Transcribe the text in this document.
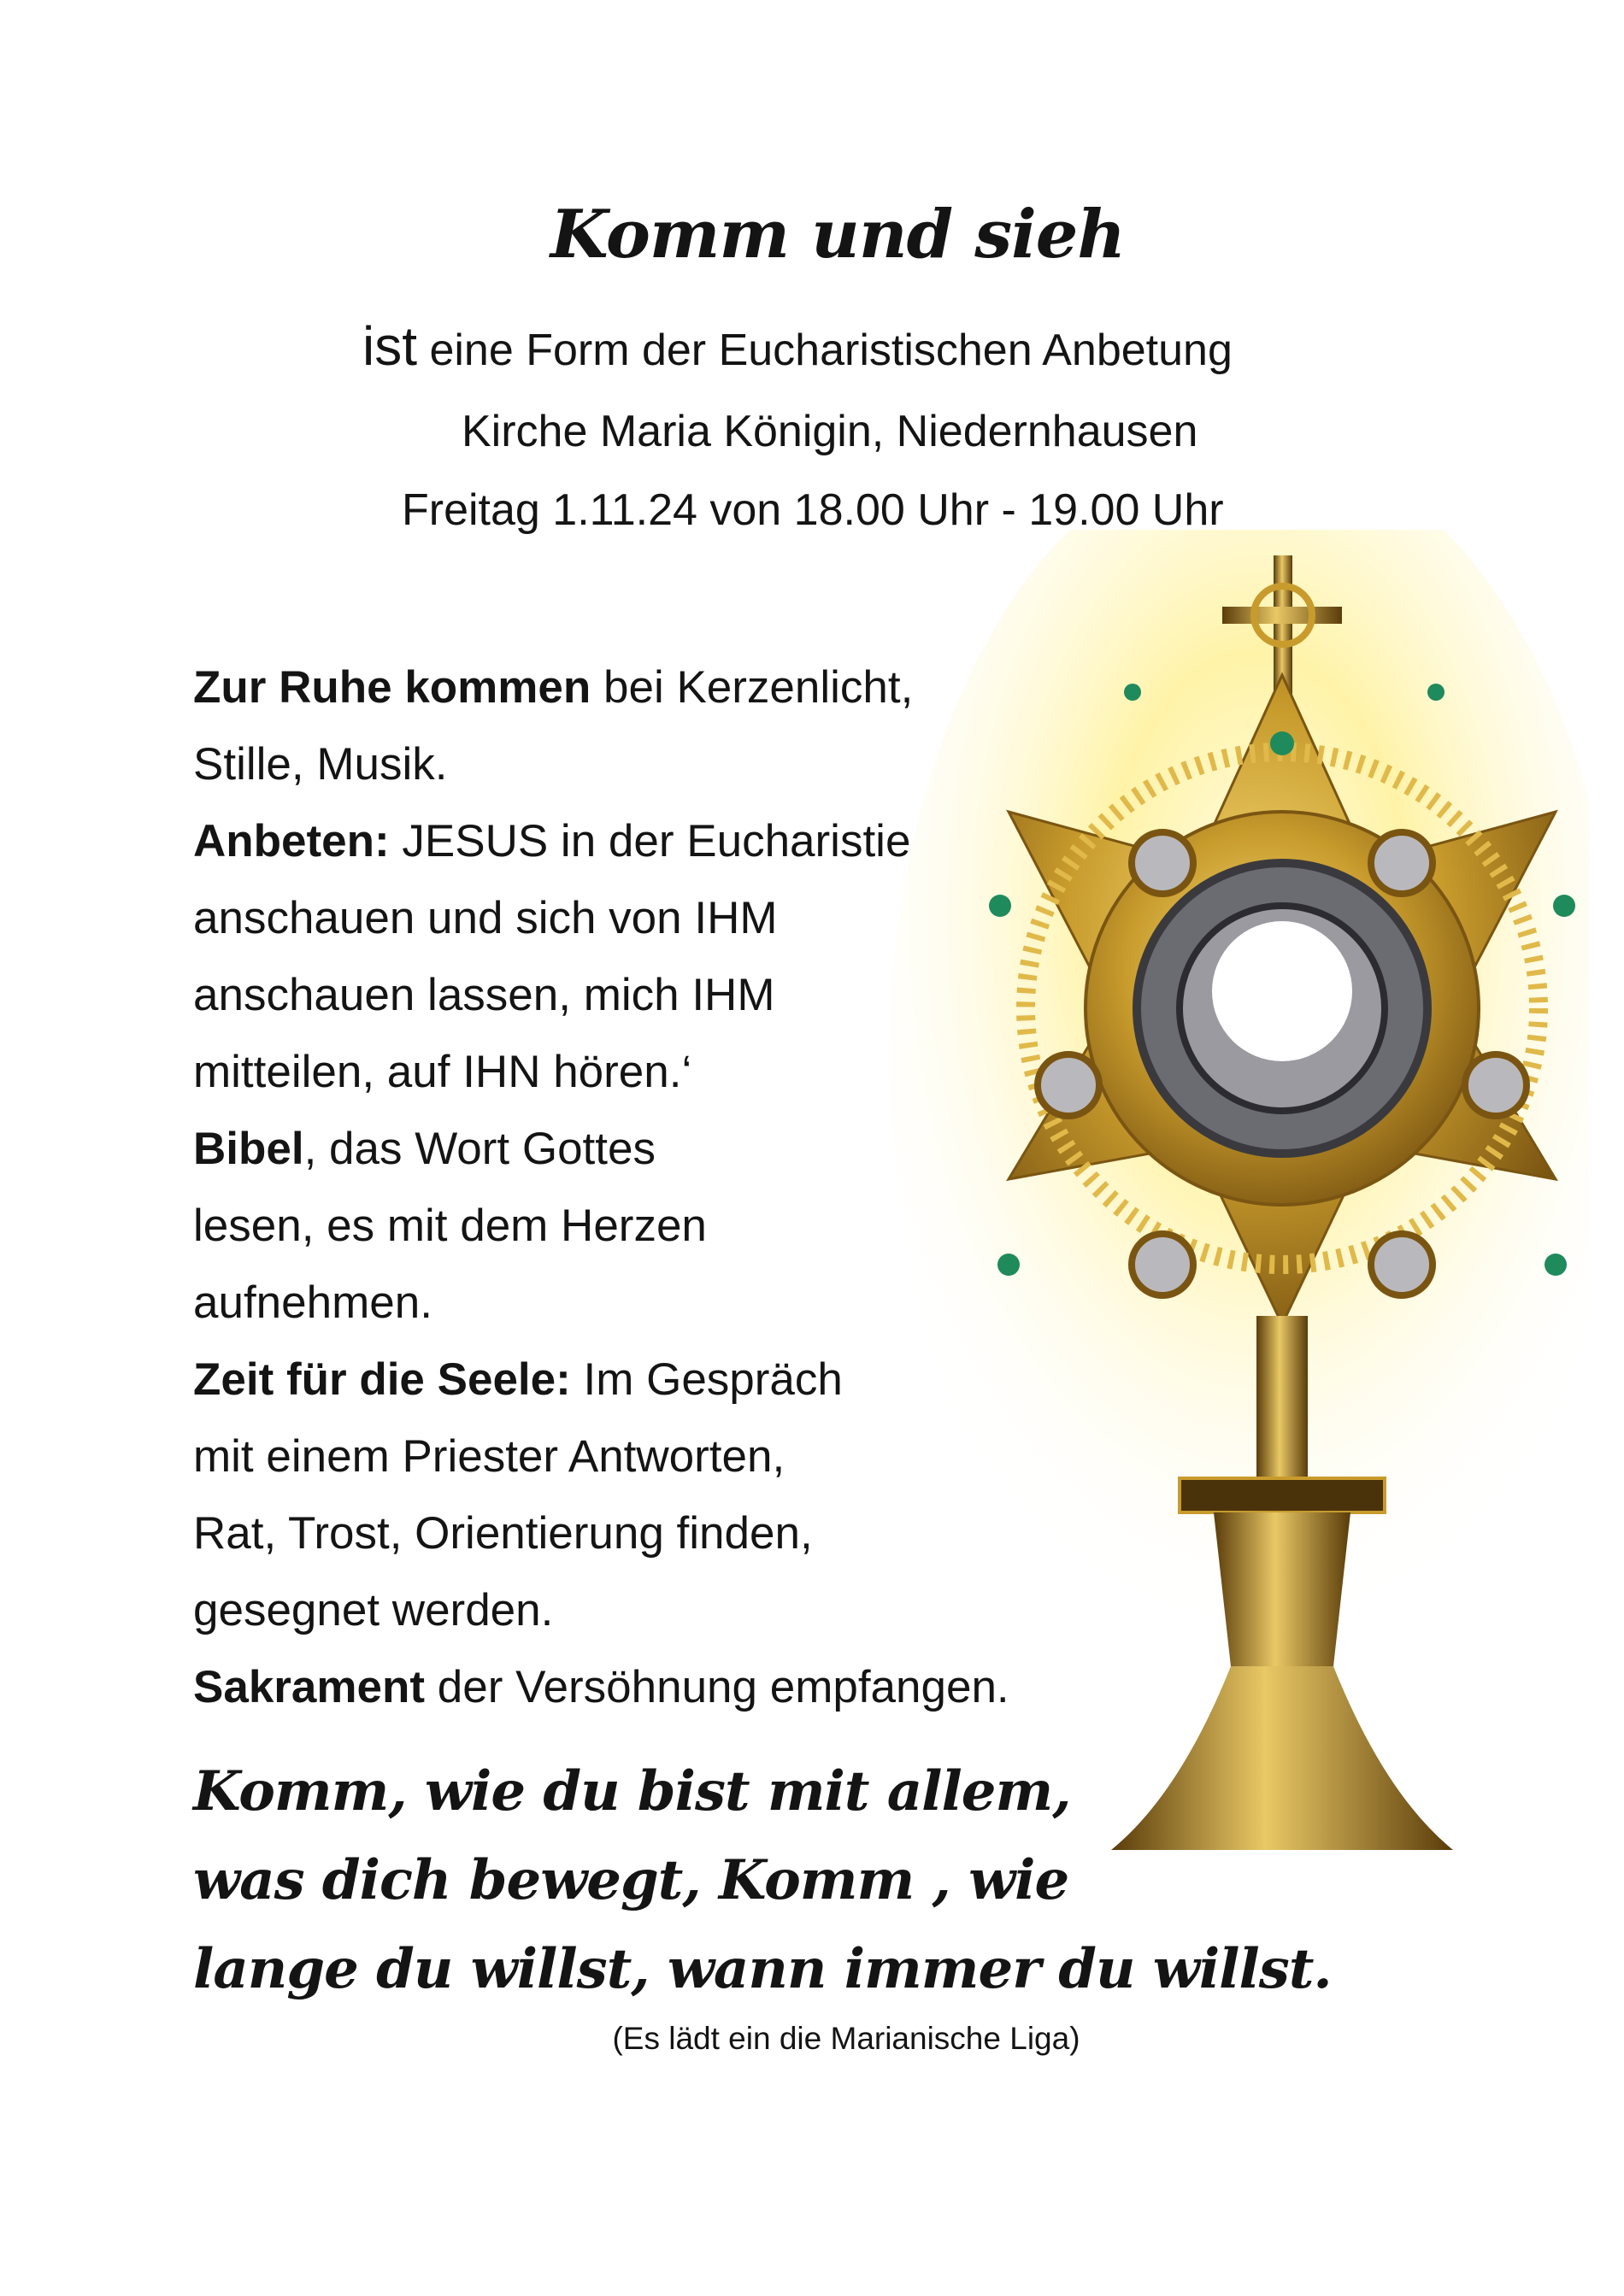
Komm und sieh
ist eine Form der Eucharistischen Anbetung
Kirche Maria Königin, Niedernhausen
Freitag 1.11.24 von 18.00 Uhr - 19.00 Uhr

Zur Ruhe kommen bei Kerzenlicht,

Stille, Musik.

Anbeten: JESUS in der Eucharistie

anschauen und sich von IHM

anschauen lassen, mich IHM

mitteilen, auf IHN hören.‘

Bibel, das Wort Gottes

lesen, es mit dem Herzen

aufnehmen.

Zeit für die Seele: Im Gespräch

mit einem Priester Antworten,

Rat, Trost, Orientierung finden,

gesegnet werden.

Sakrament der Versöhnung empfangen.

Komm, wie du bist mit allem,
was dich bewegt, Komm , wie
lange du willst, wann immer du willst.
(Es lädt ein die Marianische Liga)
